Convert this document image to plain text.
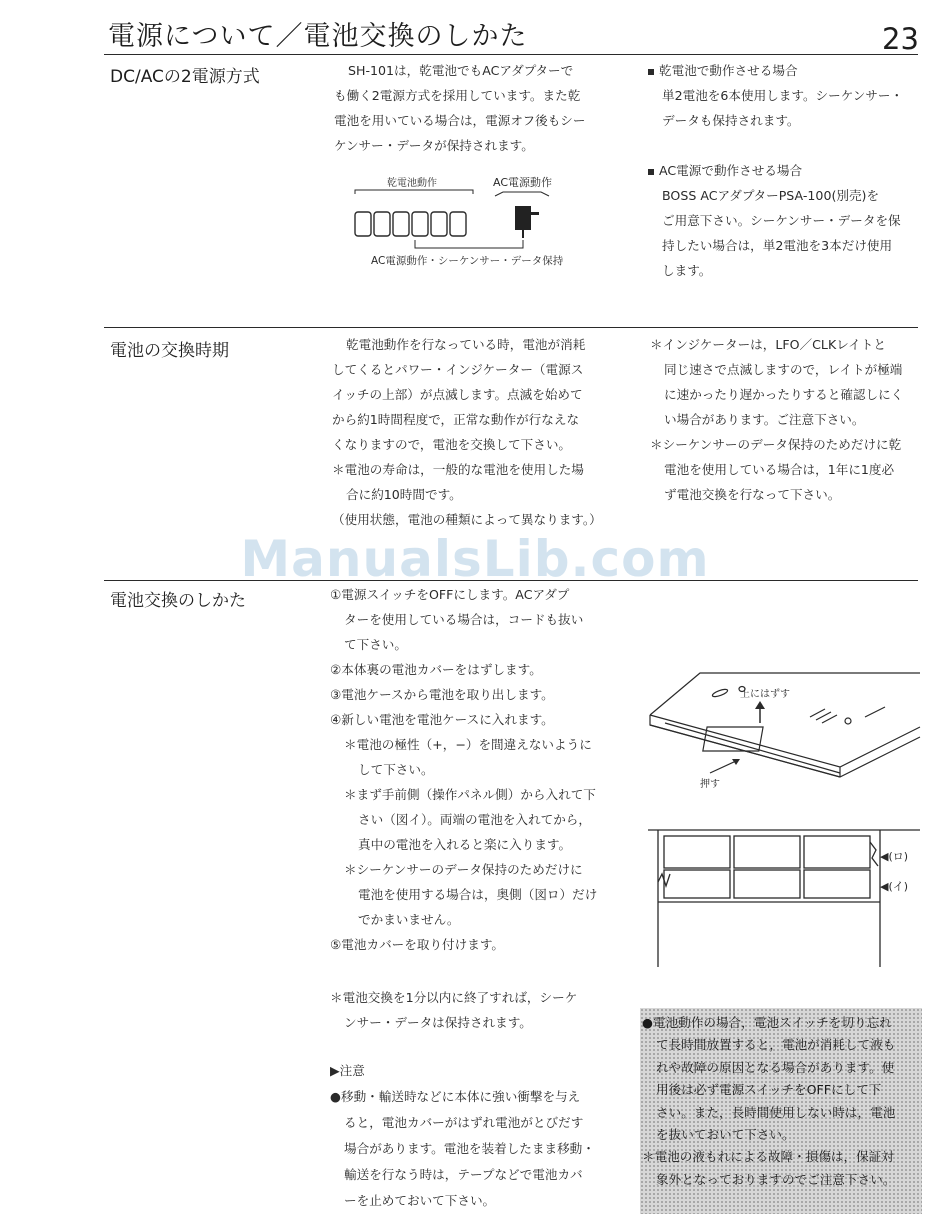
電源について／電池交換のしかた	23
DC/ACの2電源方式	SH-101は，乾電池でもACアダプターで

も働く2電源方式を採用しています。また乾

電池を用いている場合は，電源オフ後もシー

ケンサー・データが保持されます。

乾電池動作	AC電源動作
AC電源動作・シーケンサー・データ保持

乾電池で動作させる場合

単2電池を6本使用します。シーケンサー・

データも保持されます。

AC電源で動作させる場合

BOSS ACアダプターPSA-100(別売)を

ご用意下さい。シーケンサー・データを保

持したい場合は，単2電池を3本だけ使用

します。

電池の交換時期	乾電池動作を行なっている時，電池が消耗

してくるとパワー・インジケーター（電源ス

イッチの上部）が点滅します。点滅を始めて

から約1時間程度で，正常な動作が行なえな

くなりますので，電池を交換して下さい。

＊電池の寿命は，一般的な電池を使用した場

合に約10時間です。

（使用状態，電池の種類によって異なります。）

＊インジケーターは，LFO／CLKレイトと

同じ速さで点滅しますので，レイトが極端

に速かったり遅かったりすると確認しにく

い場合があります。ご注意下さい。

＊シーケンサーのデータ保持のためだけに乾

電池を使用している場合は，1年に1度必

ず電池交換を行なって下さい。

ManualsLib.com
電池交換のしかた	①電源スイッチをOFFにします。ACアダプ

ターを使用している場合は，コードも抜い

て下さい。

②本体裏の電池カバーをはずします。

③電池ケースから電池を取り出します。

④新しい電池を電池ケースに入れます。

＊電池の極性（+，−）を間違えないように

して下さい。

＊まず手前側（操作パネル側）から入れて下

さい（図イ）。両端の電池を入れてから，

真中の電池を入れると楽に入ります。

＊シーケンサーのデータ保持のためだけに

電池を使用する場合は，奥側（図ロ）だけ

でかまいません。

⑤電池カバーを取り付けます。

＊電池交換を1分以内に終了すれば，シーケ

ンサー・データは保持されます。

▶注意

●移動・輸送時などに本体に強い衝撃を与え

ると，電池カバーがはずれ電池がとびだす

場合があります。電池を装着したまま移動・

輸送を行なう時は，テープなどで電池カバ

ーを止めておいて下さい。

上にはずす
押す
◀(ロ)
◀(イ)

●電池動作の場合，電池スイッチを切り忘れ

て長時間放置すると，電池が消耗して液も

れや故障の原因となる場合があります。使

用後は必ず電源スイッチをOFFにして下

さい。また，長時間使用しない時は，電池

を抜いておいて下さい。

＊電池の液もれによる故障・損傷は，保証対

象外となっておりますのでご注意下さい。
